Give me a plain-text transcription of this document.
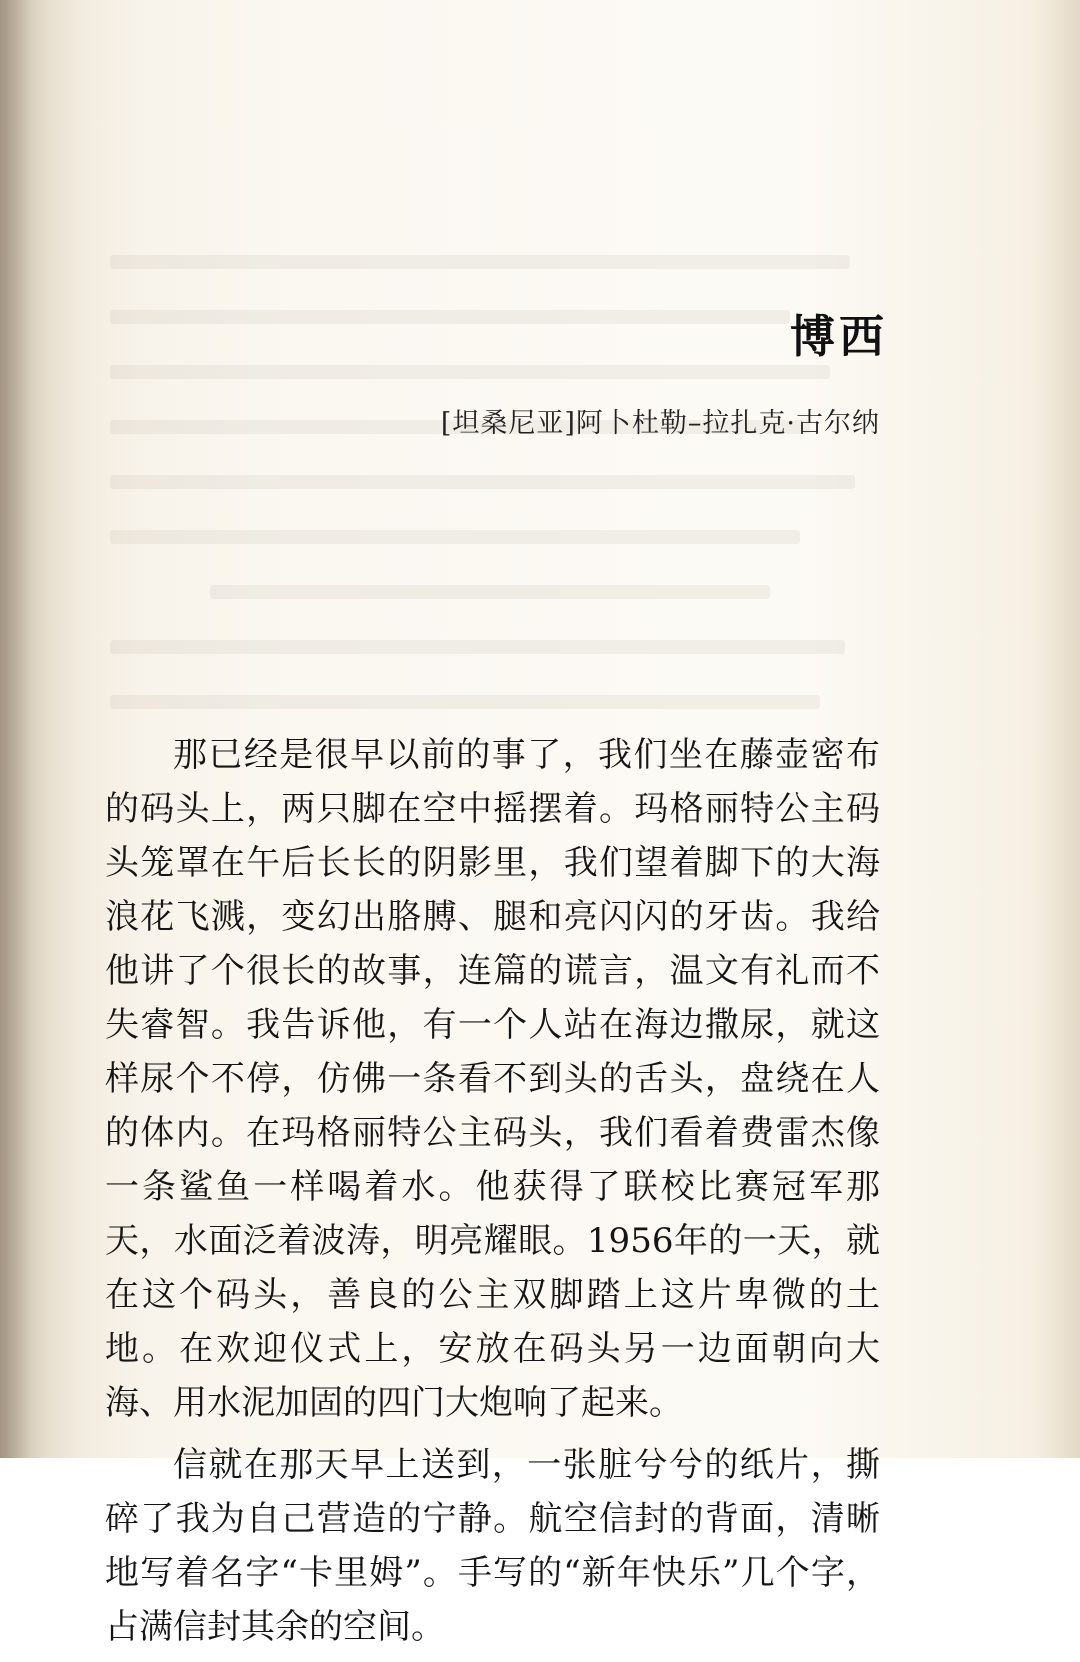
博西
[坦桑尼亚]阿卜杜勒–拉扎克·古尔纳

那已经是很早以前的事了，我们坐在藤壶密布的码头上，两只脚在空中摇摆着。玛格丽特公主码头笼罩在午后长长的阴影里，我们望着脚下的大海浪花飞溅，变幻出胳膊、腿和亮闪闪的牙齿。我给他讲了个很长的故事，连篇的谎言，温文有礼而不失睿智。我告诉他，有一个人站在海边撒尿，就这样尿个不停，仿佛一条看不到头的舌头，盘绕在人的体内。在玛格丽特公主码头，我们看着费雷杰像一条鲨鱼一样喝着水。他获得了联校比赛冠军那天，水面泛着波涛，明亮耀眼。1956年的一天，就在这个码头，善良的公主双脚踏上这片卑微的土地。在欢迎仪式上，安放在码头另一边面朝向大海、用水泥加固的四门大炮响了起来。

信就在那天早上送到，一张脏兮兮的纸片，撕碎了我为自己营造的宁静。航空信封的背面，清晰地写着名字“卡里姆”。手写的“新年快乐”几个字，占满信封其余的空间。
